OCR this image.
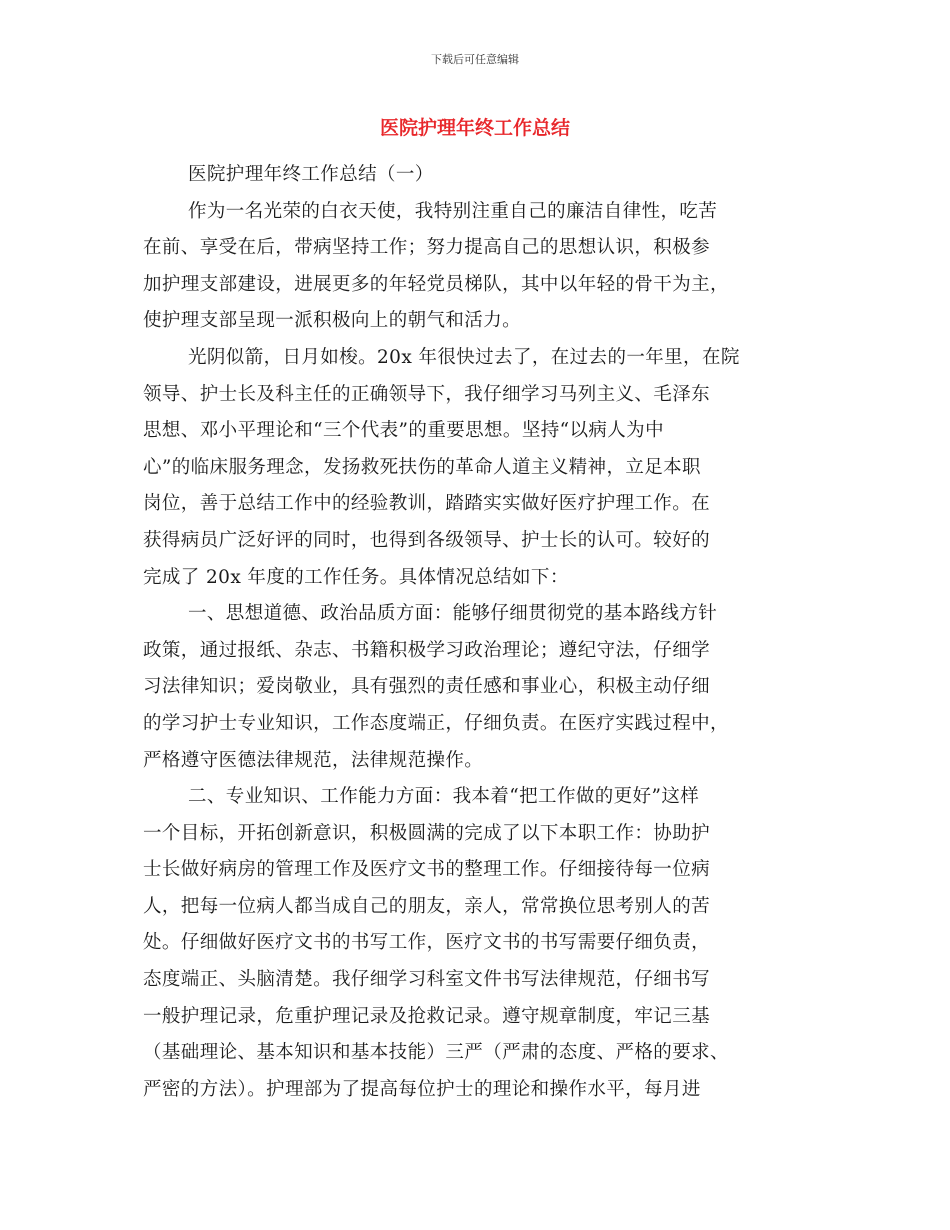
下载后可任意编辑
医院护理年终工作总结
医院护理年终工作总结（一）
作为一名光荣的白衣天使，我特别注重自己的廉洁自律性，吃苦
在前、享受在后，带病坚持工作；努力提高自己的思想认识，积极参
加护理支部建设，进展更多的年轻党员梯队，其中以年轻的骨干为主，
使护理支部呈现一派积极向上的朝气和活力。
光阴似箭，日月如梭。20x 年很快过去了，在过去的一年里，在院
领导、护士长及科主任的正确领导下，我仔细学习马列主义、毛泽东
思想、邓小平理论和“三个代表”的重要思想。坚持“以病人为中
心”的临床服务理念，发扬救死扶伤的革命人道主义精神，立足本职
岗位，善于总结工作中的经验教训，踏踏实实做好医疗护理工作。在
获得病员广泛好评的同时，也得到各级领导、护士长的认可。较好的
完成了 20x 年度的工作任务。具体情况总结如下：
一、思想道德、政治品质方面：能够仔细贯彻党的基本路线方针
政策，通过报纸、杂志、书籍积极学习政治理论；遵纪守法，仔细学
习法律知识；爱岗敬业，具有强烈的责任感和事业心，积极主动仔细
的学习护士专业知识，工作态度端正，仔细负责。在医疗实践过程中，
严格遵守医德法律规范，法律规范操作。
二、专业知识、工作能力方面：我本着“把工作做的更好”这样
一个目标，开拓创新意识，积极圆满的完成了以下本职工作：协助护
士长做好病房的管理工作及医疗文书的整理工作。仔细接待每一位病
人，把每一位病人都当成自己的朋友，亲人，常常换位思考别人的苦
处。仔细做好医疗文书的书写工作，医疗文书的书写需要仔细负责，
态度端正、头脑清楚。我仔细学习科室文件书写法律规范，仔细书写
一般护理记录，危重护理记录及抢救记录。遵守规章制度，牢记三基
（基础理论、基本知识和基本技能）三严（严肃的态度、严格的要求、
严密的方法）。护理部为了提高每位护士的理论和操作水平，每月进
